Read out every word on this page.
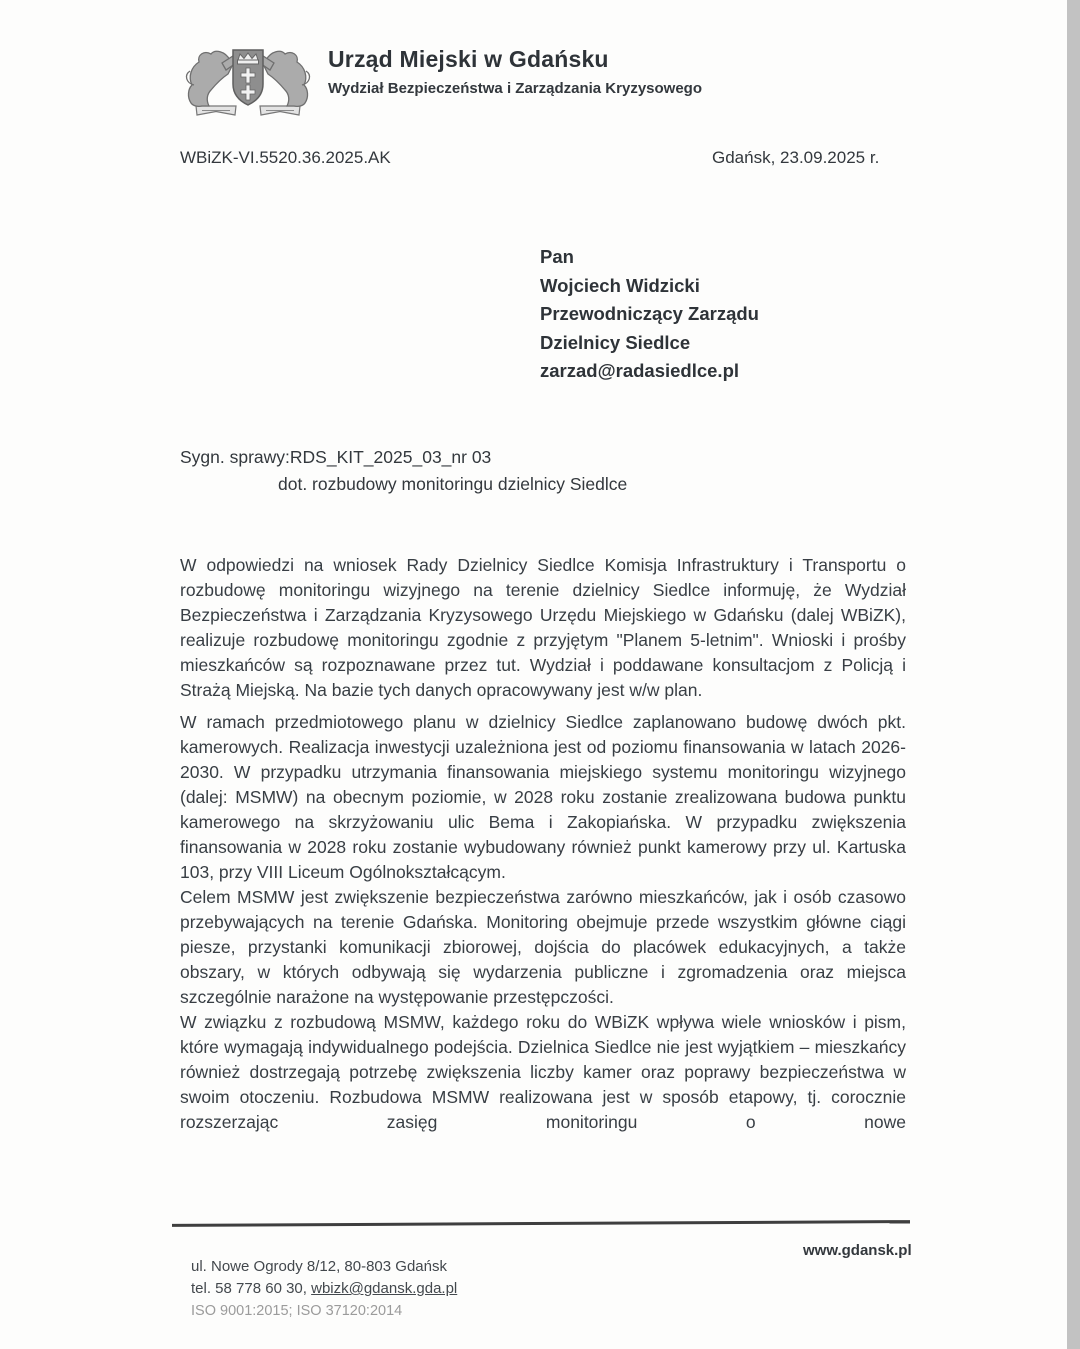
Urząd Miejski w Gdańsku
Wydział Bezpieczeństwa i Zarządzania Kryzysowego
WBiZK-VI.5520.36.2025.AK	Gdańsk, 23.09.2025 r.
Pan
Wojciech Widzicki
Przewodniczący Zarządu
Dzielnicy Siedlce
zarzad@radasiedlce.pl
Sygn. sprawy:RDS_KIT_2025_03_nr 03
dot. rozbudowy monitoringu dzielnicy Siedlce

W odpowiedzi na wniosek Rady Dzielnicy Siedlce Komisja Infrastruktury i Transportu o rozbudowę monitoringu wizyjnego na terenie dzielnicy Siedlce informuję, że Wydział Bezpieczeństwa i Zarządzania Kryzysowego Urzędu Miejskiego w Gdańsku (dalej WBiZK), realizuje rozbudowę monitoringu zgodnie z przyjętym "Planem 5-letnim". Wnioski i prośby mieszkańców są rozpoznawane przez tut. Wydział i poddawane konsultacjom z Policją i Strażą Miejską. Na bazie tych danych opracowywany jest w/w plan.

W ramach przedmiotowego planu w dzielnicy Siedlce zaplanowano budowę dwóch pkt. kamerowych. Realizacja inwestycji uzależniona jest od poziomu finansowania w latach 2026-2030. W przypadku utrzymania finansowania miejskiego systemu monitoringu wizyjnego (dalej: MSMW) na obecnym poziomie, w 2028 roku zostanie zrealizowana budowa punktu kamerowego na skrzyżowaniu ulic Bema i Zakopiańska. W przypadku zwiększenia finansowania w 2028 roku zostanie wybudowany również punkt kamerowy przy ul. Kartuska 103, przy VIII Liceum Ogólnokształcącym.

Celem MSMW jest zwiększenie bezpieczeństwa zarówno mieszkańców, jak i osób czasowo przebywających na terenie Gdańska. Monitoring obejmuje przede wszystkim główne ciągi piesze, przystanki komunikacji zbiorowej, dojścia do placówek edukacyjnych, a także obszary, w których odbywają się wydarzenia publiczne i zgromadzenia oraz miejsca szczególnie narażone na występowanie przestępczości.

W związku z rozbudową MSMW, każdego roku do WBiZK wpływa wiele wniosków i pism, które wymagają indywidualnego podejścia. Dzielnica Siedlce nie jest wyjątkiem – mieszkańcy również dostrzegają potrzebę zwiększenia liczby kamer oraz poprawy bezpieczeństwa w swoim otoczeniu. Rozbudowa MSMW realizowana jest w sposób etapowy, tj. corocznie rozszerzając zasięg monitoringu o nowe

ul. Nowe Ogrody 8/12, 80-803 Gdańsk
tel. 58 778 60 30, wbizk@gdansk.gda.pl
ISO 9001:2015; ISO 37120:2014
www.gdansk.pl
